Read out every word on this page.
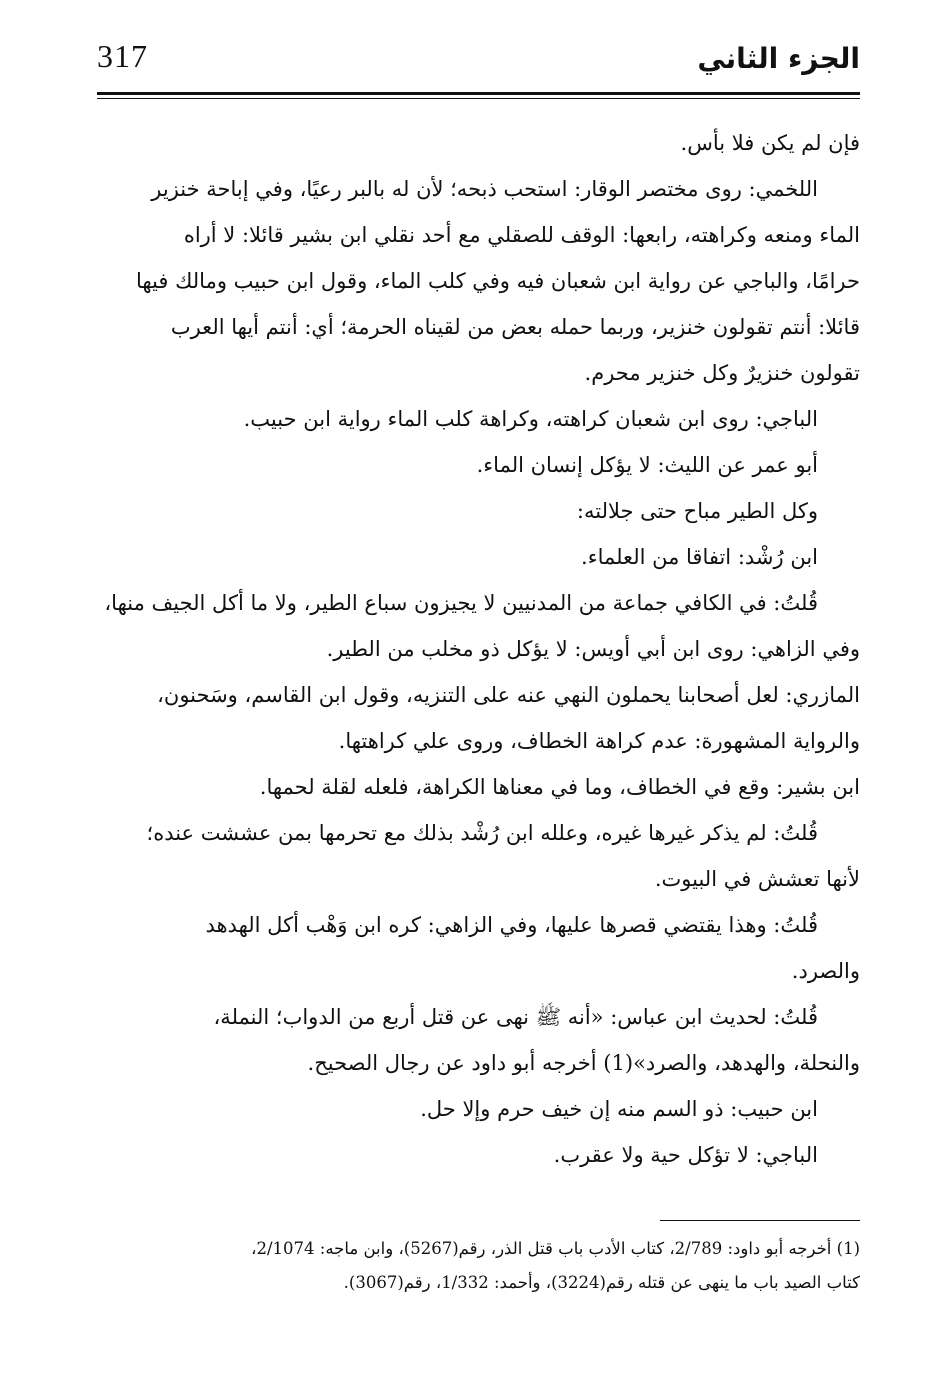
317	الجزء الثاني
فإن لم يكن فلا بأس.
اللخمي: روى مختصر الوقار: استحب ذبحه؛ لأن له بالبر رعيًا، وفي إباحة خنزير
الماء ومنعه وكراهته، رابعها: الوقف للصقلي مع أحد نقلي ابن بشير قائلا: لا أراه
حرامًا، والباجي عن رواية ابن شعبان فيه وفي كلب الماء، وقول ابن حبيب ومالك فيها
قائلا: أنتم تقولون خنزير، وربما حمله بعض من لقيناه الحرمة؛ أي: أنتم أيها العرب
تقولون خنزيرٌ وكل خنزير محرم.
الباجي: روى ابن شعبان كراهته، وكراهة كلب الماء رواية ابن حبيب.
أبو عمر عن الليث: لا يؤكل إنسان الماء.
وكل الطير مباح حتى جلالته:
ابن رُشْد: اتفاقا من العلماء.
قُلتُ: في الكافي جماعة من المدنيين لا يجيزون سباع الطير، ولا ما أكل الجيف منها،
وفي الزاهي: روى ابن أبي أويس: لا يؤكل ذو مخلب من الطير.
المازري: لعل أصحابنا يحملون النهي عنه على التنزيه، وقول ابن القاسم، وسَحنون،
والرواية المشهورة: عدم كراهة الخطاف، وروى علي كراهتها.
ابن بشير: وقع في الخطاف، وما في معناها الكراهة، فلعله لقلة لحمها.
قُلتُ: لم يذكر غيرها غيره، وعلله ابن رُشْد بذلك مع تحرمها بمن عششت عنده؛
لأنها تعشش في البيوت.
قُلتُ: وهذا يقتضي قصرها عليها، وفي الزاهي: كره ابن وَهْب أكل الهدهد
والصرد.
قُلتُ: لحديث ابن عباس: «أنه ﷺ نهى عن قتل أربع من الدواب؛ النملة،
والنحلة، والهدهد، والصرد»(1) أخرجه أبو داود عن رجال الصحيح.
ابن حبيب: ذو السم منه إن خيف حرم وإلا حل.
الباجي: لا تؤكل حية ولا عقرب.
(1) أخرجه أبو داود: 2/789، كتاب الأدب باب قتل الذر، رقم(5267)، وابن ماجه: 2/1074،
كتاب الصيد باب ما ينهى عن قتله رقم(3224)، وأحمد: 1/332، رقم(3067).
